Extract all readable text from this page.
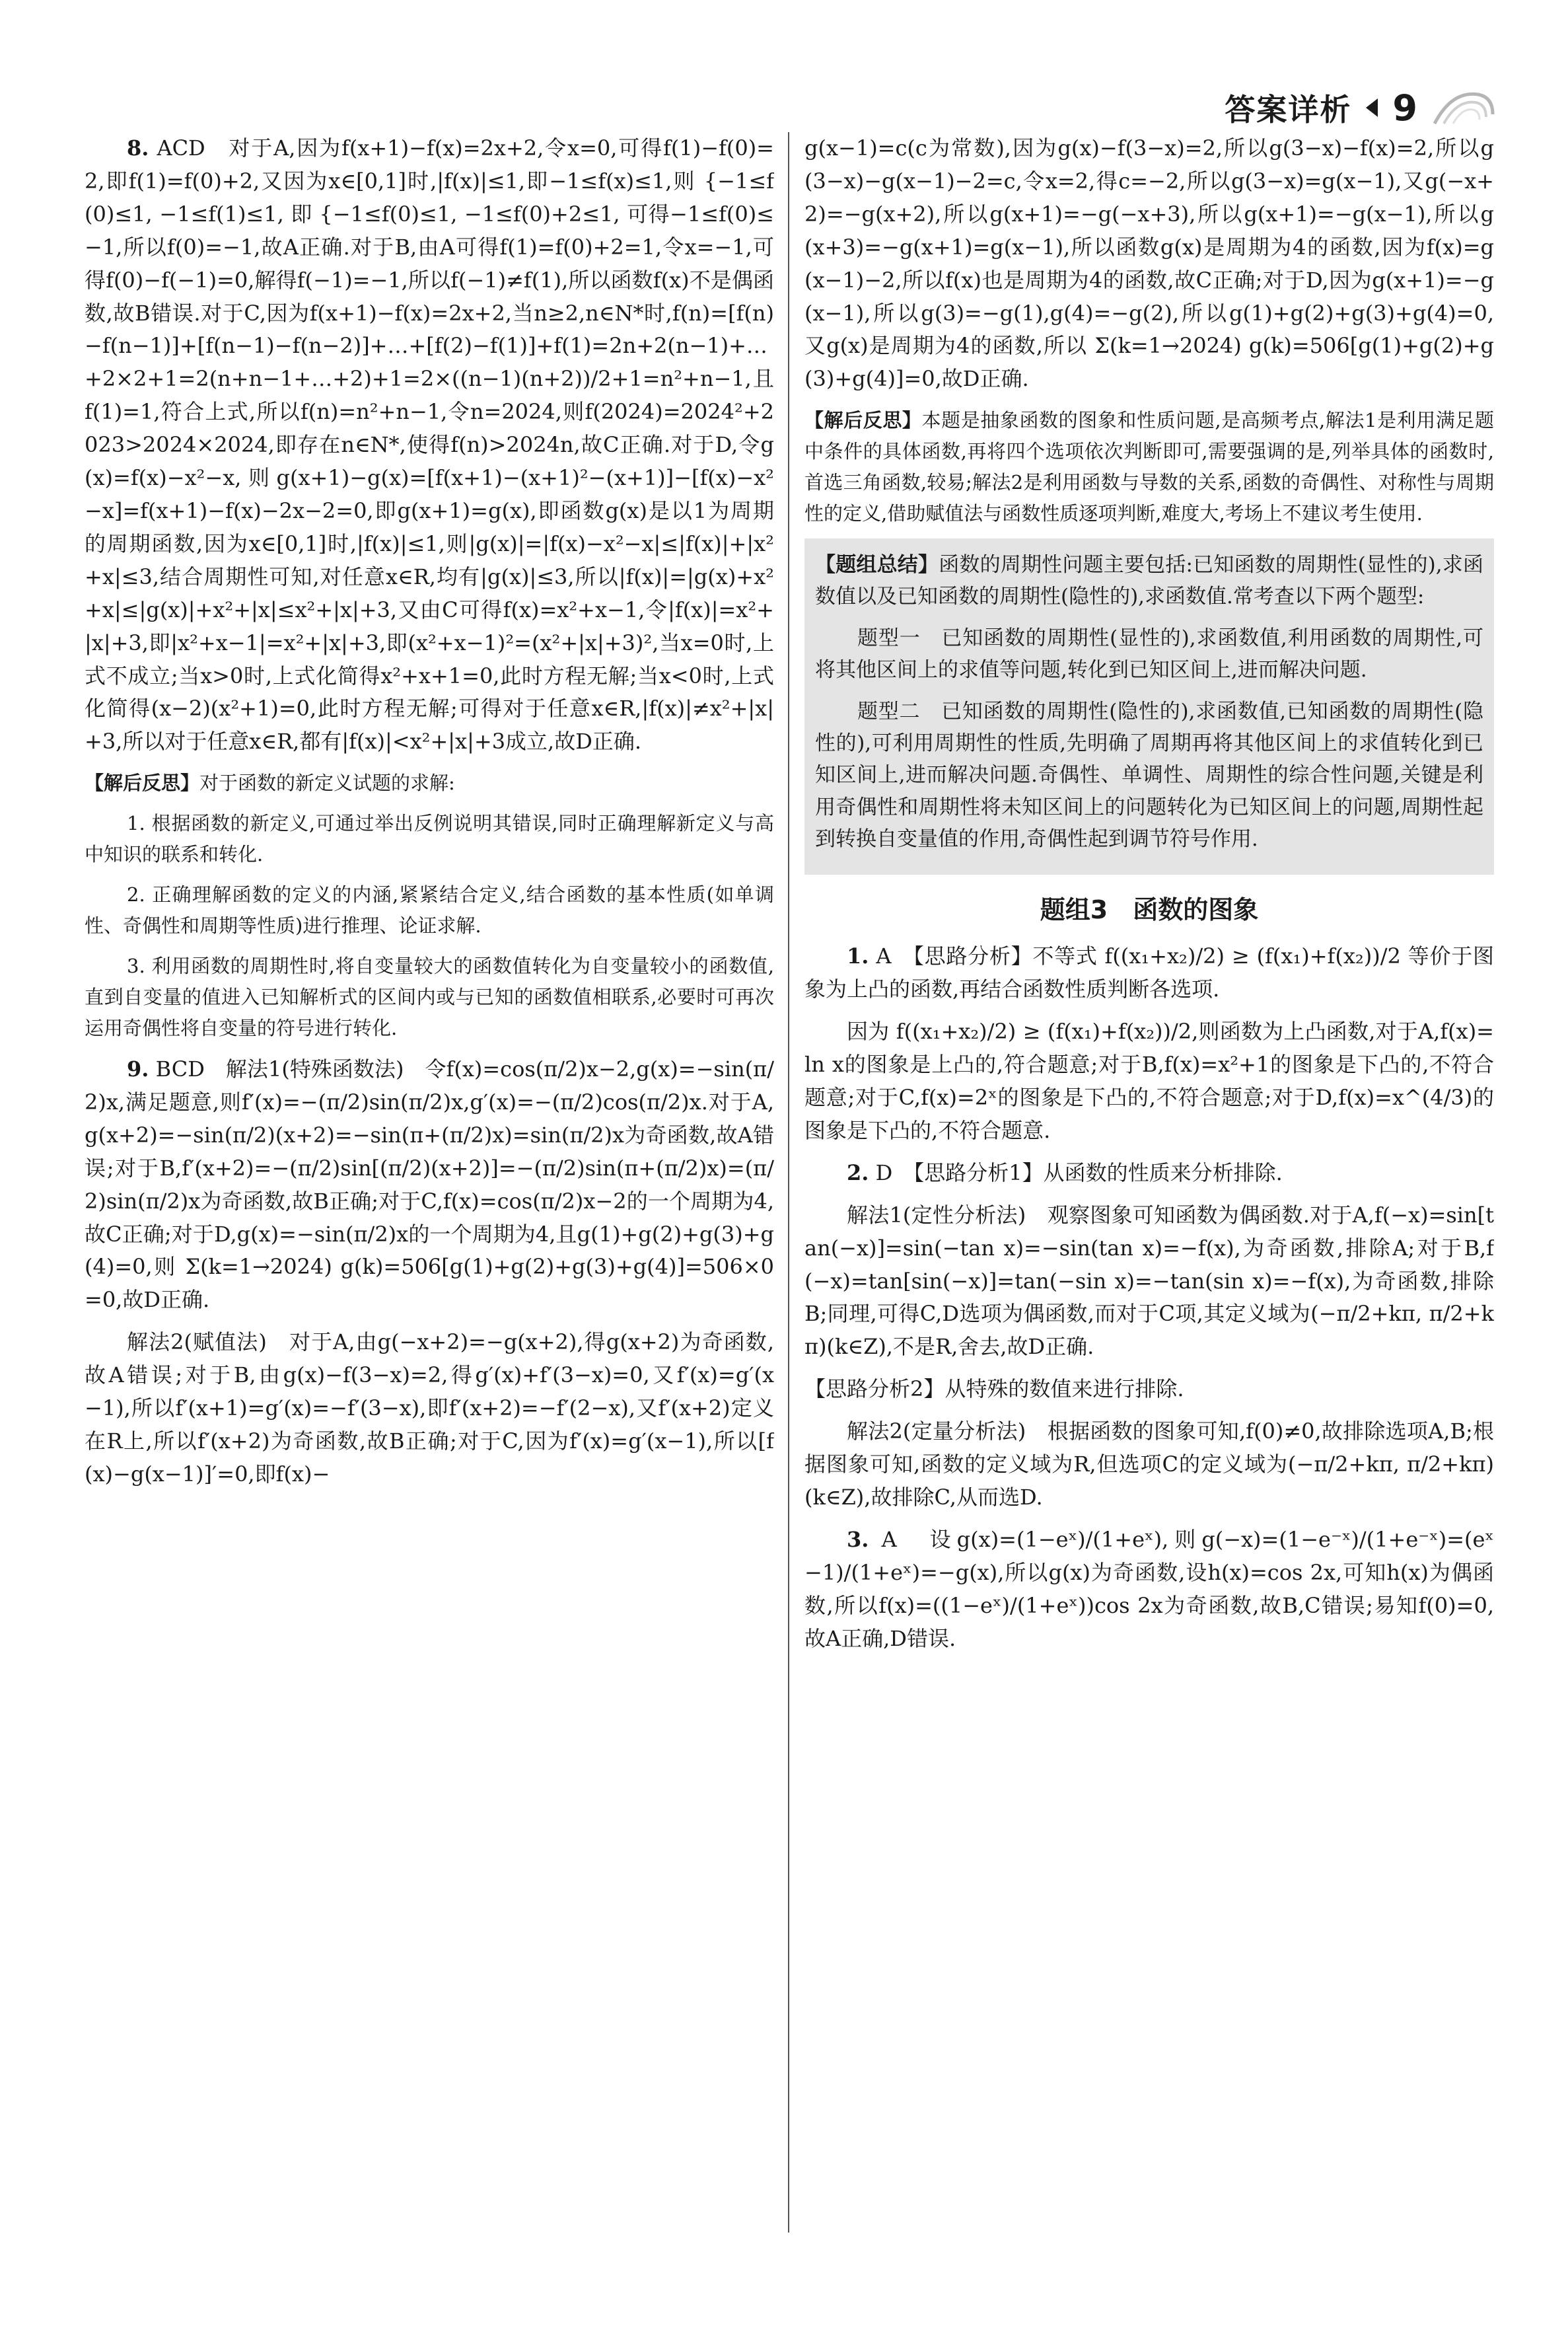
答案详析 9

8. ACD　对于A,因为f(x+1)−f(x)=2x+2,令x=0,可得f(1)−f(0)=2,即f(1)=f(0)+2,又因为x∈[0,1]时,|f(x)|≤1,即−1≤f(x)≤1,则 {−1≤f(0)≤1, −1≤f(1)≤1, 即 {−1≤f(0)≤1, −1≤f(0)+2≤1, 可得−1≤f(0)≤−1,所以f(0)=−1,故A正确.对于B,由A可得f(1)=f(0)+2=1,令x=−1,可得f(0)−f(−1)=0,解得f(−1)=−1,所以f(−1)≠f(1),所以函数f(x)不是偶函数,故B错误.对于C,因为f(x+1)−f(x)=2x+2,当n≥2,n∈N*时,f(n)=[f(n)−f(n−1)]+[f(n−1)−f(n−2)]+…+[f(2)−f(1)]+f(1)=2n+2(n−1)+…+2×2+1=2(n+n−1+…+2)+1=2×((n−1)(n+2))/2+1=n²+n−1,且f(1)=1,符合上式,所以f(n)=n²+n−1,令n=2024,则f(2024)=2024²+2023>2024×2024,即存在n∈N*,使得f(n)>2024n,故C正确.对于D,令g(x)=f(x)−x²−x,则g(x+1)−g(x)=[f(x+1)−(x+1)²−(x+1)]−[f(x)−x²−x]=f(x+1)−f(x)−2x−2=0,即g(x+1)=g(x),即函数g(x)是以1为周期的周期函数,因为x∈[0,1]时,|f(x)|≤1,则|g(x)|=|f(x)−x²−x|≤|f(x)|+|x²+x|≤3,结合周期性可知,对任意x∈R,均有|g(x)|≤3,所以|f(x)|=|g(x)+x²+x|≤|g(x)|+x²+|x|≤x²+|x|+3,又由C可得f(x)=x²+x−1,令|f(x)|=x²+|x|+3,即|x²+x−1|=x²+|x|+3,即(x²+x−1)²=(x²+|x|+3)²,当x=0时,上式不成立;当x>0时,上式化简得x²+x+1=0,此时方程无解;当x<0时,上式化简得(x−2)(x²+1)=0,此时方程无解;可得对于任意x∈R,|f(x)|≠x²+|x|+3,所以对于任意x∈R,都有|f(x)|<x²+|x|+3成立,故D正确.

【解后反思】对于函数的新定义试题的求解:

1. 根据函数的新定义,可通过举出反例说明其错误,同时正确理解新定义与高中知识的联系和转化.

2. 正确理解函数的定义的内涵,紧紧结合定义,结合函数的基本性质(如单调性、奇偶性和周期等性质)进行推理、论证求解.

3. 利用函数的周期性时,将自变量较大的函数值转化为自变量较小的函数值,直到自变量的值进入已知解析式的区间内或与已知的函数值相联系,必要时可再次运用奇偶性将自变量的符号进行转化.

9. BCD　解法1(特殊函数法)　令f(x)=cos(π/2)x−2,g(x)=−sin(π/2)x,满足题意,则f′(x)=−(π/2)sin(π/2)x,g′(x)=−(π/2)cos(π/2)x.对于A,g(x+2)=−sin(π/2)(x+2)=−sin(π+(π/2)x)=sin(π/2)x为奇函数,故A错误;对于B,f′(x+2)=−(π/2)sin[(π/2)(x+2)]=−(π/2)sin(π+(π/2)x)=(π/2)sin(π/2)x为奇函数,故B正确;对于C,f(x)=cos(π/2)x−2的一个周期为4,故C正确;对于D,g(x)=−sin(π/2)x的一个周期为4,且g(1)+g(2)+g(3)+g(4)=0,则 Σ(k=1→2024) g(k)=506[g(1)+g(2)+g(3)+g(4)]=506×0=0,故D正确.

解法2(赋值法)　对于A,由g(−x+2)=−g(x+2),得g(x+2)为奇函数,故A错误;对于B,由g(x)−f(3−x)=2,得g′(x)+f′(3−x)=0,又f′(x)=g′(x−1),所以f′(x+1)=g′(x)=−f′(3−x),即f′(x+2)=−f′(2−x),又f′(x+2)定义在R上,所以f′(x+2)为奇函数,故B正确;对于C,因为f′(x)=g′(x−1),所以[f(x)−g(x−1)]′=0,即f(x)−

g(x−1)=c(c为常数),因为g(x)−f(3−x)=2,所以g(3−x)−f(x)=2,所以g(3−x)−g(x−1)−2=c,令x=2,得c=−2,所以g(3−x)=g(x−1),又g(−x+2)=−g(x+2),所以g(x+1)=−g(−x+3),所以g(x+1)=−g(x−1),所以g(x+3)=−g(x+1)=g(x−1),所以函数g(x)是周期为4的函数,因为f(x)=g(x−1)−2,所以f(x)也是周期为4的函数,故C正确;对于D,因为g(x+1)=−g(x−1),所以g(3)=−g(1),g(4)=−g(2),所以g(1)+g(2)+g(3)+g(4)=0,又g(x)是周期为4的函数,所以 Σ(k=1→2024) g(k)=506[g(1)+g(2)+g(3)+g(4)]=0,故D正确.

【解后反思】本题是抽象函数的图象和性质问题,是高频考点,解法1是利用满足题中条件的具体函数,再将四个选项依次判断即可,需要强调的是,列举具体的函数时,首选三角函数,较易;解法2是利用函数与导数的关系,函数的奇偶性、对称性与周期性的定义,借助赋值法与函数性质逐项判断,难度大,考场上不建议考生使用.

【题组总结】函数的周期性问题主要包括:已知函数的周期性(显性的),求函数值以及已知函数的周期性(隐性的),求函数值.常考查以下两个题型:

题型一　已知函数的周期性(显性的),求函数值,利用函数的周期性,可将其他区间上的求值等问题,转化到已知区间上,进而解决问题.

题型二　已知函数的周期性(隐性的),求函数值,已知函数的周期性(隐性的),可利用周期性的性质,先明确了周期再将其他区间上的求值转化到已知区间上,进而解决问题.奇偶性、单调性、周期性的综合性问题,关键是利用奇偶性和周期性将未知区间上的问题转化为已知区间上的问题,周期性起到转换自变量值的作用,奇偶性起到调节符号作用.

题组3　函数的图象

1. A　【思路分析】不等式 f((x₁+x₂)/2) ≥ (f(x₁)+f(x₂))/2 等价于图象为上凸的函数,再结合函数性质判断各选项.

因为 f((x₁+x₂)/2) ≥ (f(x₁)+f(x₂))/2,则函数为上凸函数,对于A,f(x)=ln x的图象是上凸的,符合题意;对于B,f(x)=x²+1的图象是下凸的,不符合题意;对于C,f(x)=2ˣ的图象是下凸的,不符合题意;对于D,f(x)=x^(4/3)的图象是下凸的,不符合题意.

2. D　【思路分析1】从函数的性质来分析排除.

解法1(定性分析法)　观察图象可知函数为偶函数.对于A,f(−x)=sin[tan(−x)]=sin(−tan x)=−sin(tan x)=−f(x),为奇函数,排除A;对于B,f(−x)=tan[sin(−x)]=tan(−sin x)=−tan(sin x)=−f(x),为奇函数,排除B;同理,可得C,D选项为偶函数,而对于C项,其定义域为(−π/2+kπ, π/2+kπ)(k∈Z),不是R,舍去,故D正确.

【思路分析2】从特殊的数值来进行排除.

解法2(定量分析法)　根据函数的图象可知,f(0)≠0,故排除选项A,B;根据图象可知,函数的定义域为R,但选项C的定义域为(−π/2+kπ, π/2+kπ)(k∈Z),故排除C,从而选D.

3. A　设g(x)=(1−eˣ)/(1+eˣ),则g(−x)=(1−e⁻ˣ)/(1+e⁻ˣ)=(eˣ−1)/(1+eˣ)=−g(x),所以g(x)为奇函数,设h(x)=cos 2x,可知h(x)为偶函数,所以f(x)=((1−eˣ)/(1+eˣ))cos 2x为奇函数,故B,C错误;易知f(0)=0,故A正确,D错误.
